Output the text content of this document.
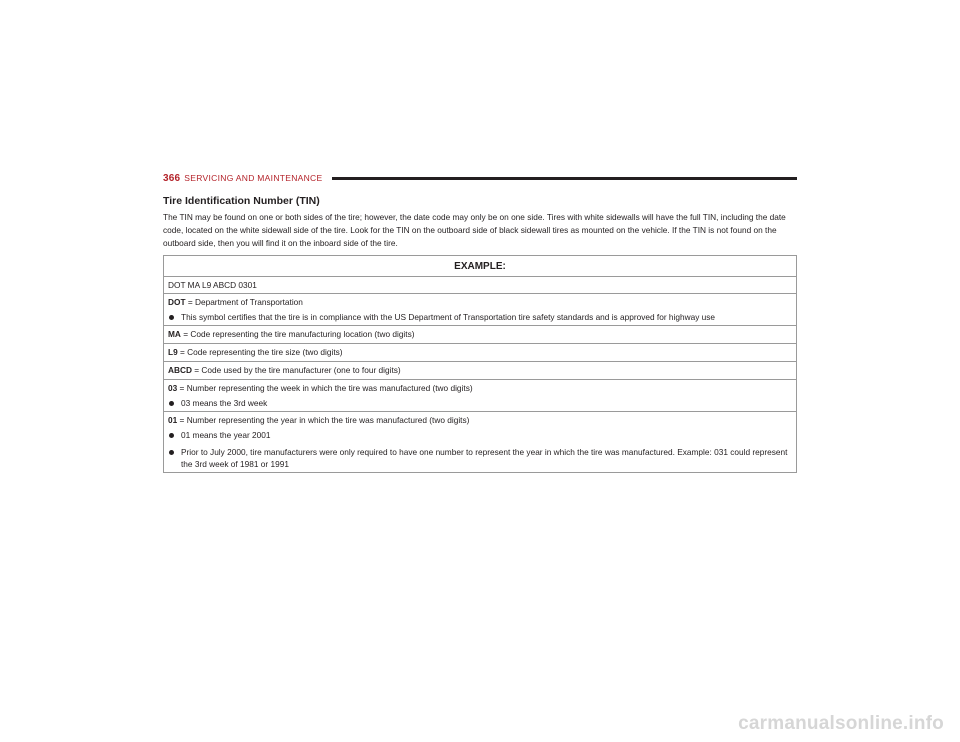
366 SERVICING AND MAINTENANCE
Tire Identification Number (TIN)

The TIN may be found on one or both sides of the tire; however, the date code may only be on one side. Tires with white sidewalls will have the full TIN, including the date code, located on the white sidewall side of the tire. Look for the TIN on the outboard side of black sidewall tires as mounted on the vehicle. If the TIN is not found on the outboard side, then you will find it on the inboard side of the tire.

EXAMPLE:
DOT MA L9 ABCD 0301
DOT = Department of Transportation
This symbol certifies that the tire is in compliance with the US Department of Transportation tire safety standards and is approved for highway use
MA = Code representing the tire manufacturing location (two digits)
L9 = Code representing the tire size (two digits)
ABCD = Code used by the tire manufacturer (one to four digits)
03 = Number representing the week in which the tire was manufactured (two digits)
03 means the 3rd week
01 = Number representing the year in which the tire was manufactured (two digits)
01 means the year 2001
Prior to July 2000, tire manufacturers were only required to have one number to represent the year in which the tire was manufactured. Example: 031 could represent the 3rd week of 1981 or 1991
carmanualsonline.info
